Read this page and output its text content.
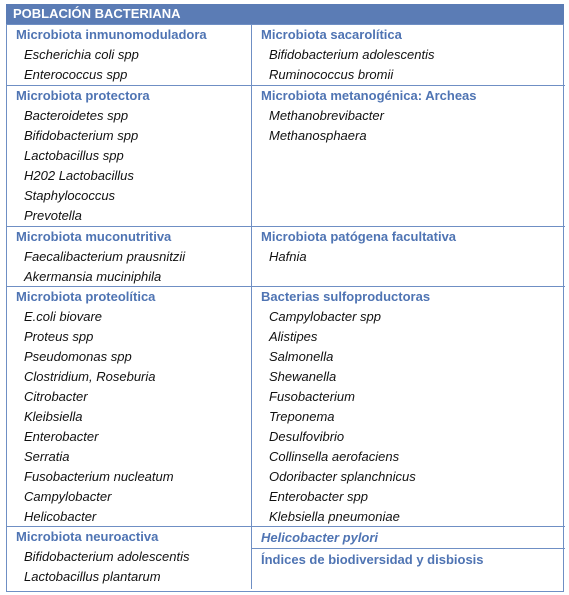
POBLACIÓN BACTERIANA
Microbiota inmunomoduladora
Escherichia coli spp
Enterococcus spp
Microbiota sacarolítica
Bifidobacterium adolescentis
Ruminococcus bromii
Microbiota protectora
Bacteroidetes spp
Bifidobacterium spp
Lactobacillus spp
H202 Lactobacillus
Staphylococcus
Prevotella
Microbiota metanogénica: Archeas
Methanobrevibacter
Methanosphaera
Microbiota muconutritiva
Faecalibacterium prausnitzii
Akermansia muciniphila
Microbiota patógena facultativa
Hafnia
Microbiota proteolítica
E.coli biovare
Proteus spp
Pseudomonas spp
Clostridium, Roseburia
Citrobacter
Kleibsiella
Enterobacter
Serratia
Fusobacterium nucleatum
Campylobacter
Helicobacter
Bacterias sulfoproductoras
Campylobacter spp
Alistipes
Salmonella
Shewanella
Fusobacterium
Treponema
Desulfovibrio
Collinsella aerofaciens
Odoribacter splanchnicus
Enterobacter spp
Klebsiella pneumoniae
Microbiota neuroactiva
Bifidobacterium adolescentis
Lactobacillus plantarum
Helicobacter pylori
Índices de biodiversidad y disbiosis
